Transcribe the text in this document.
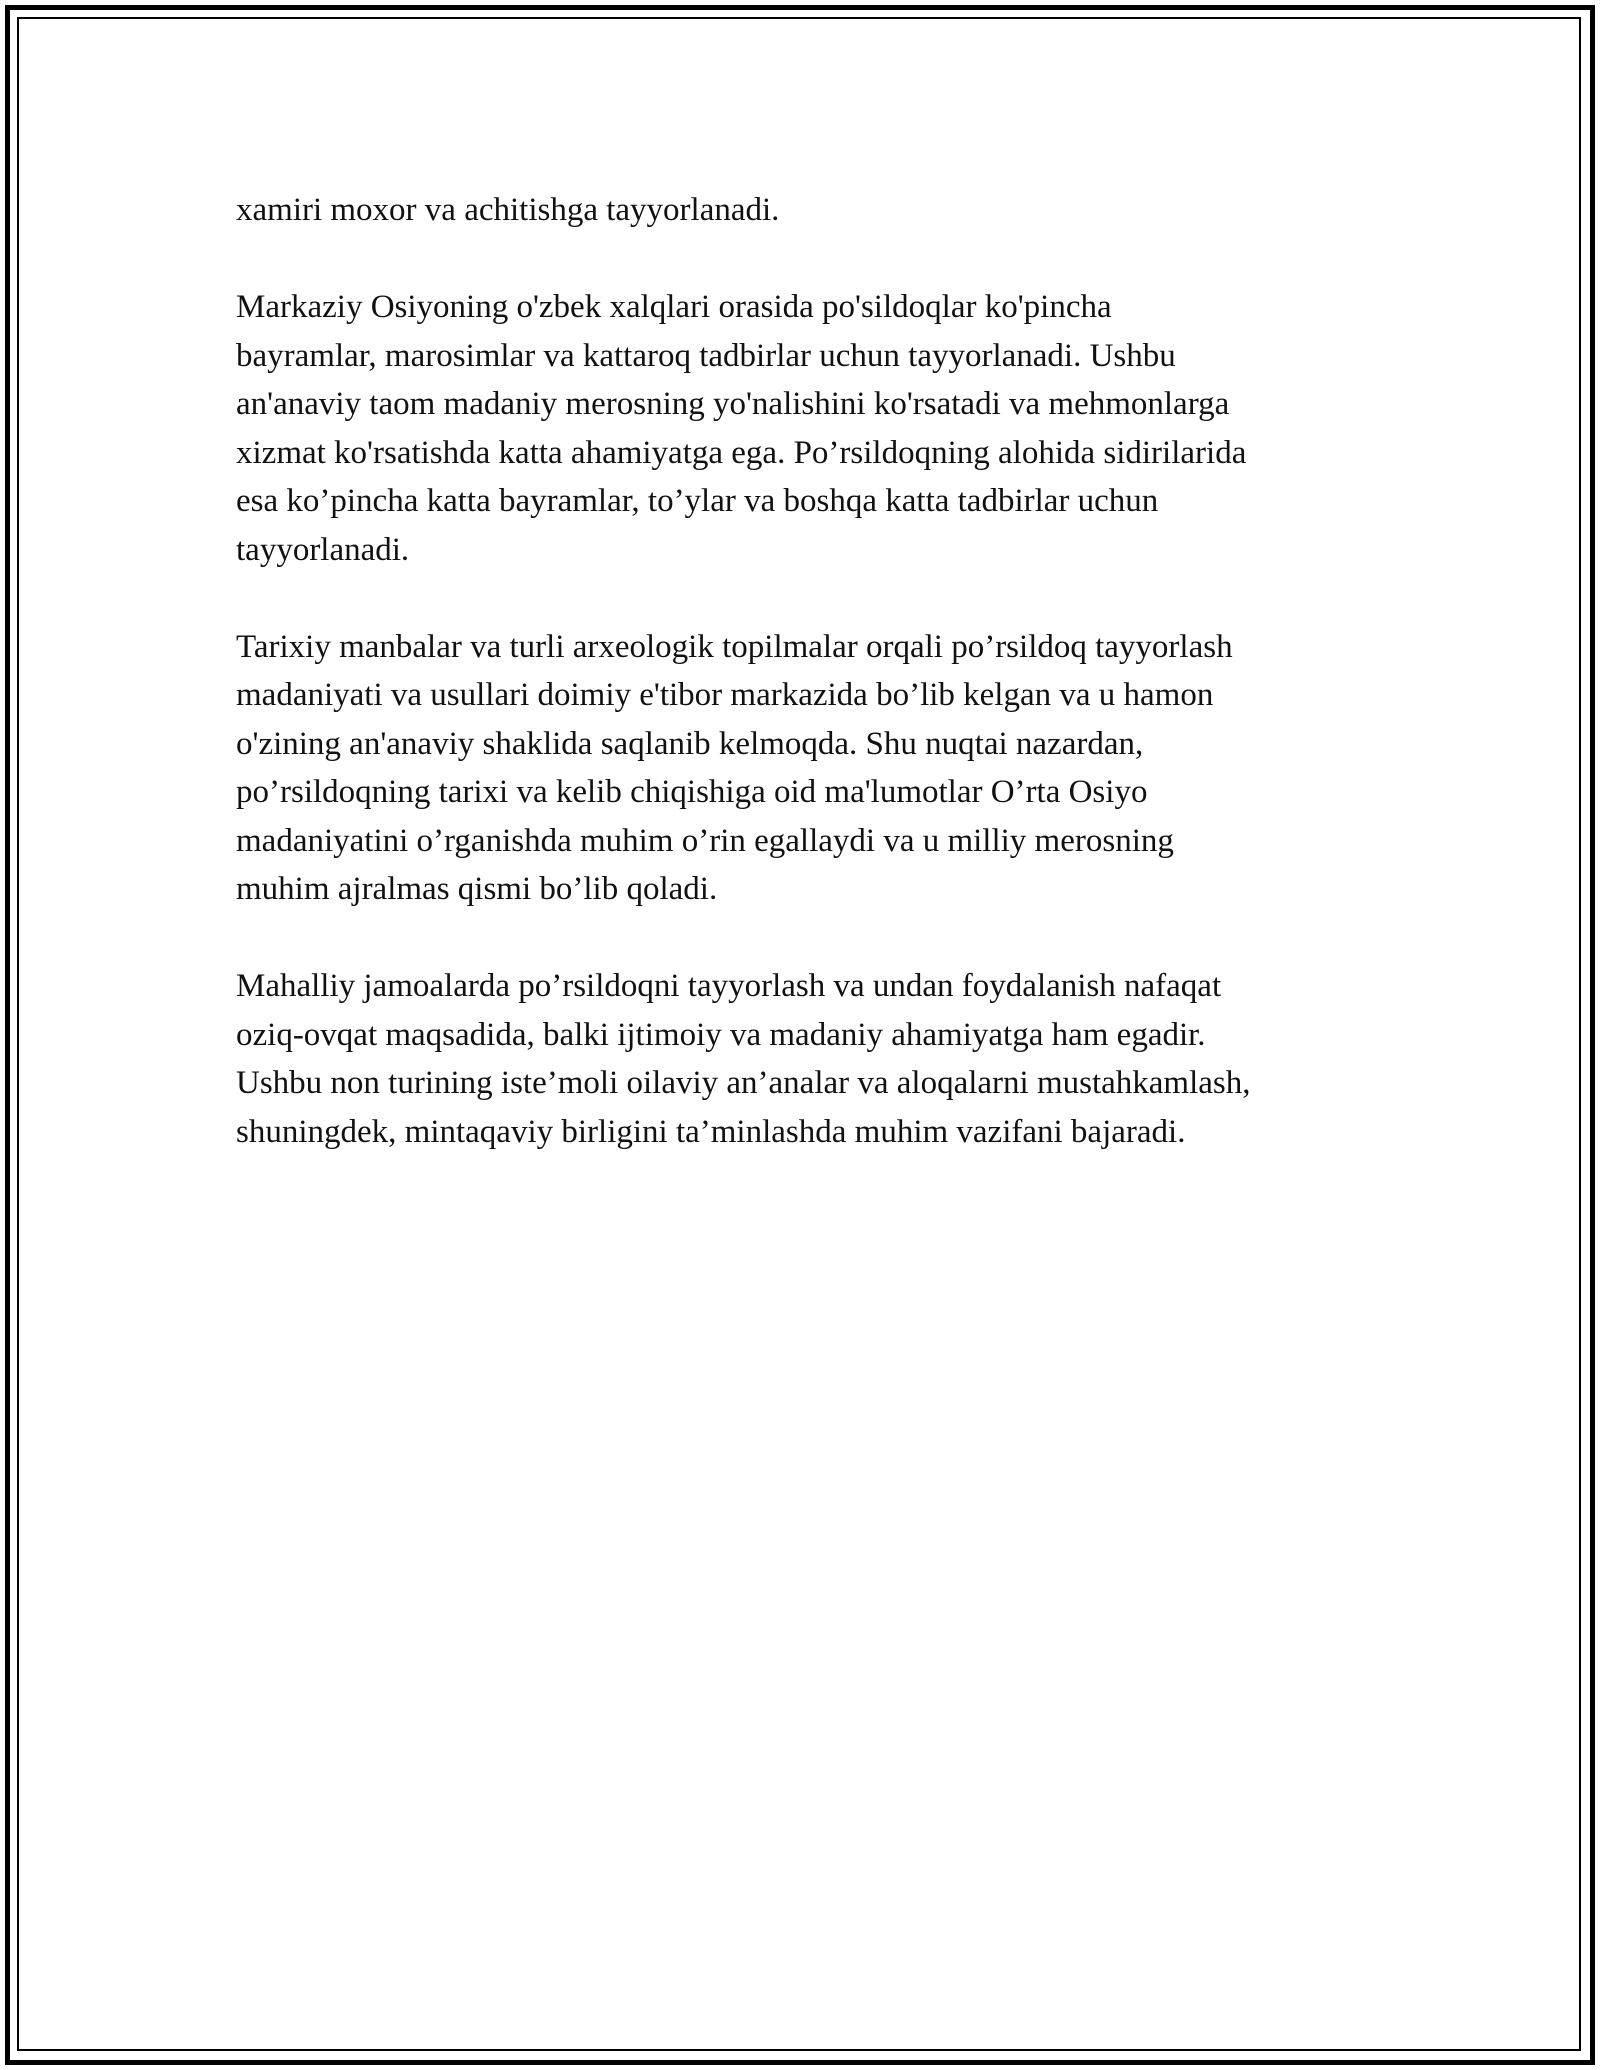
xamiri moxor va achitishga tayyorlanadi.

Markaziy Osiyoning o'zbek xalqlari orasida po'sildoqlar ko'pincha
bayramlar, marosimlar va kattaroq tadbirlar uchun tayyorlanadi. Ushbu
an'anaviy taom madaniy merosning yo'nalishini ko'rsatadi va mehmonlarga
xizmat ko'rsatishda katta ahamiyatga ega. Po’rsildoqning alohida sidirilarida
esa ko’pincha katta bayramlar, to’ylar va boshqa katta tadbirlar uchun
tayyorlanadi.

Tarixiy manbalar va turli arxeologik topilmalar orqali po’rsildoq tayyorlash
madaniyati va usullari doimiy e'tibor markazida bo’lib kelgan va u hamon
o'zining an'anaviy shaklida saqlanib kelmoqda. Shu nuqtai nazardan,
po’rsildoqning tarixi va kelib chiqishiga oid ma'lumotlar O’rta Osiyo
madaniyatini o’rganishda muhim o’rin egallaydi va u milliy merosning
muhim ajralmas qismi bo’lib qoladi.

Mahalliy jamoalarda po’rsildoqni tayyorlash va undan foydalanish nafaqat
oziq-ovqat maqsadida, balki ijtimoiy va madaniy ahamiyatga ham egadir.
Ushbu non turining iste’moli oilaviy an’analar va aloqalarni mustahkamlash,
shuningdek, mintaqaviy birligini ta’minlashda muhim vazifani bajaradi.
